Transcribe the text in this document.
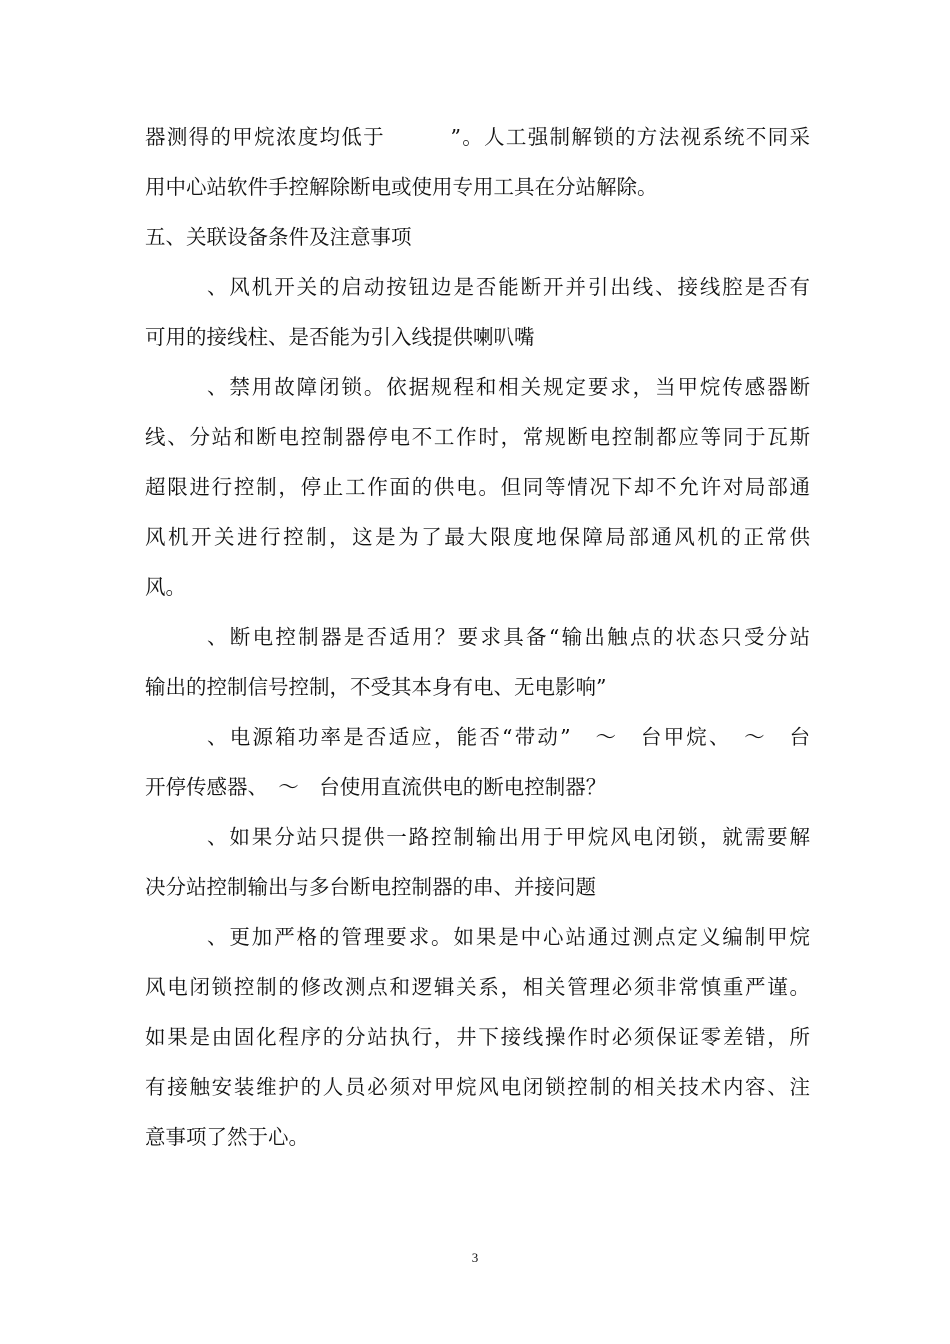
器测得的甲烷浓度均低于　　　”。人工强制解锁的方法视系统不同采
用中心站软件手控解除断电或使用专用工具在分站解除。
五、关联设备条件及注意事项
、风机开关的启动按钮边是否能断开并引出线、接线腔是否有
可用的接线柱、是否能为引入线提供喇叭嘴
、禁用故障闭锁。依据规程和相关规定要求，当甲烷传感器断
线、分站和断电控制器停电不工作时，常规断电控制都应等同于瓦斯
超限进行控制，停止工作面的供电。但同等情况下却不允许对局部通
风机开关进行控制，这是为了最大限度地保障局部通风机的正常供
风。
、断电控制器是否适用？要求具备“输出触点的状态只受分站
输出的控制信号控制，不受其本身有电、无电影响”
、电源箱功率是否适应，能否“带动”　～　台甲烷、　～　台
开停传感器、　～　台使用直流供电的断电控制器？
、如果分站只提供一路控制输出用于甲烷风电闭锁，就需要解
决分站控制输出与多台断电控制器的串、并接问题
、更加严格的管理要求。如果是中心站通过测点定义编制甲烷
风电闭锁控制的修改测点和逻辑关系，相关管理必须非常慎重严谨。
如果是由固化程序的分站执行，井下接线操作时必须保证零差错，所
有接触安装维护的人员必须对甲烷风电闭锁控制的相关技术内容、注
意事项了然于心。
3
